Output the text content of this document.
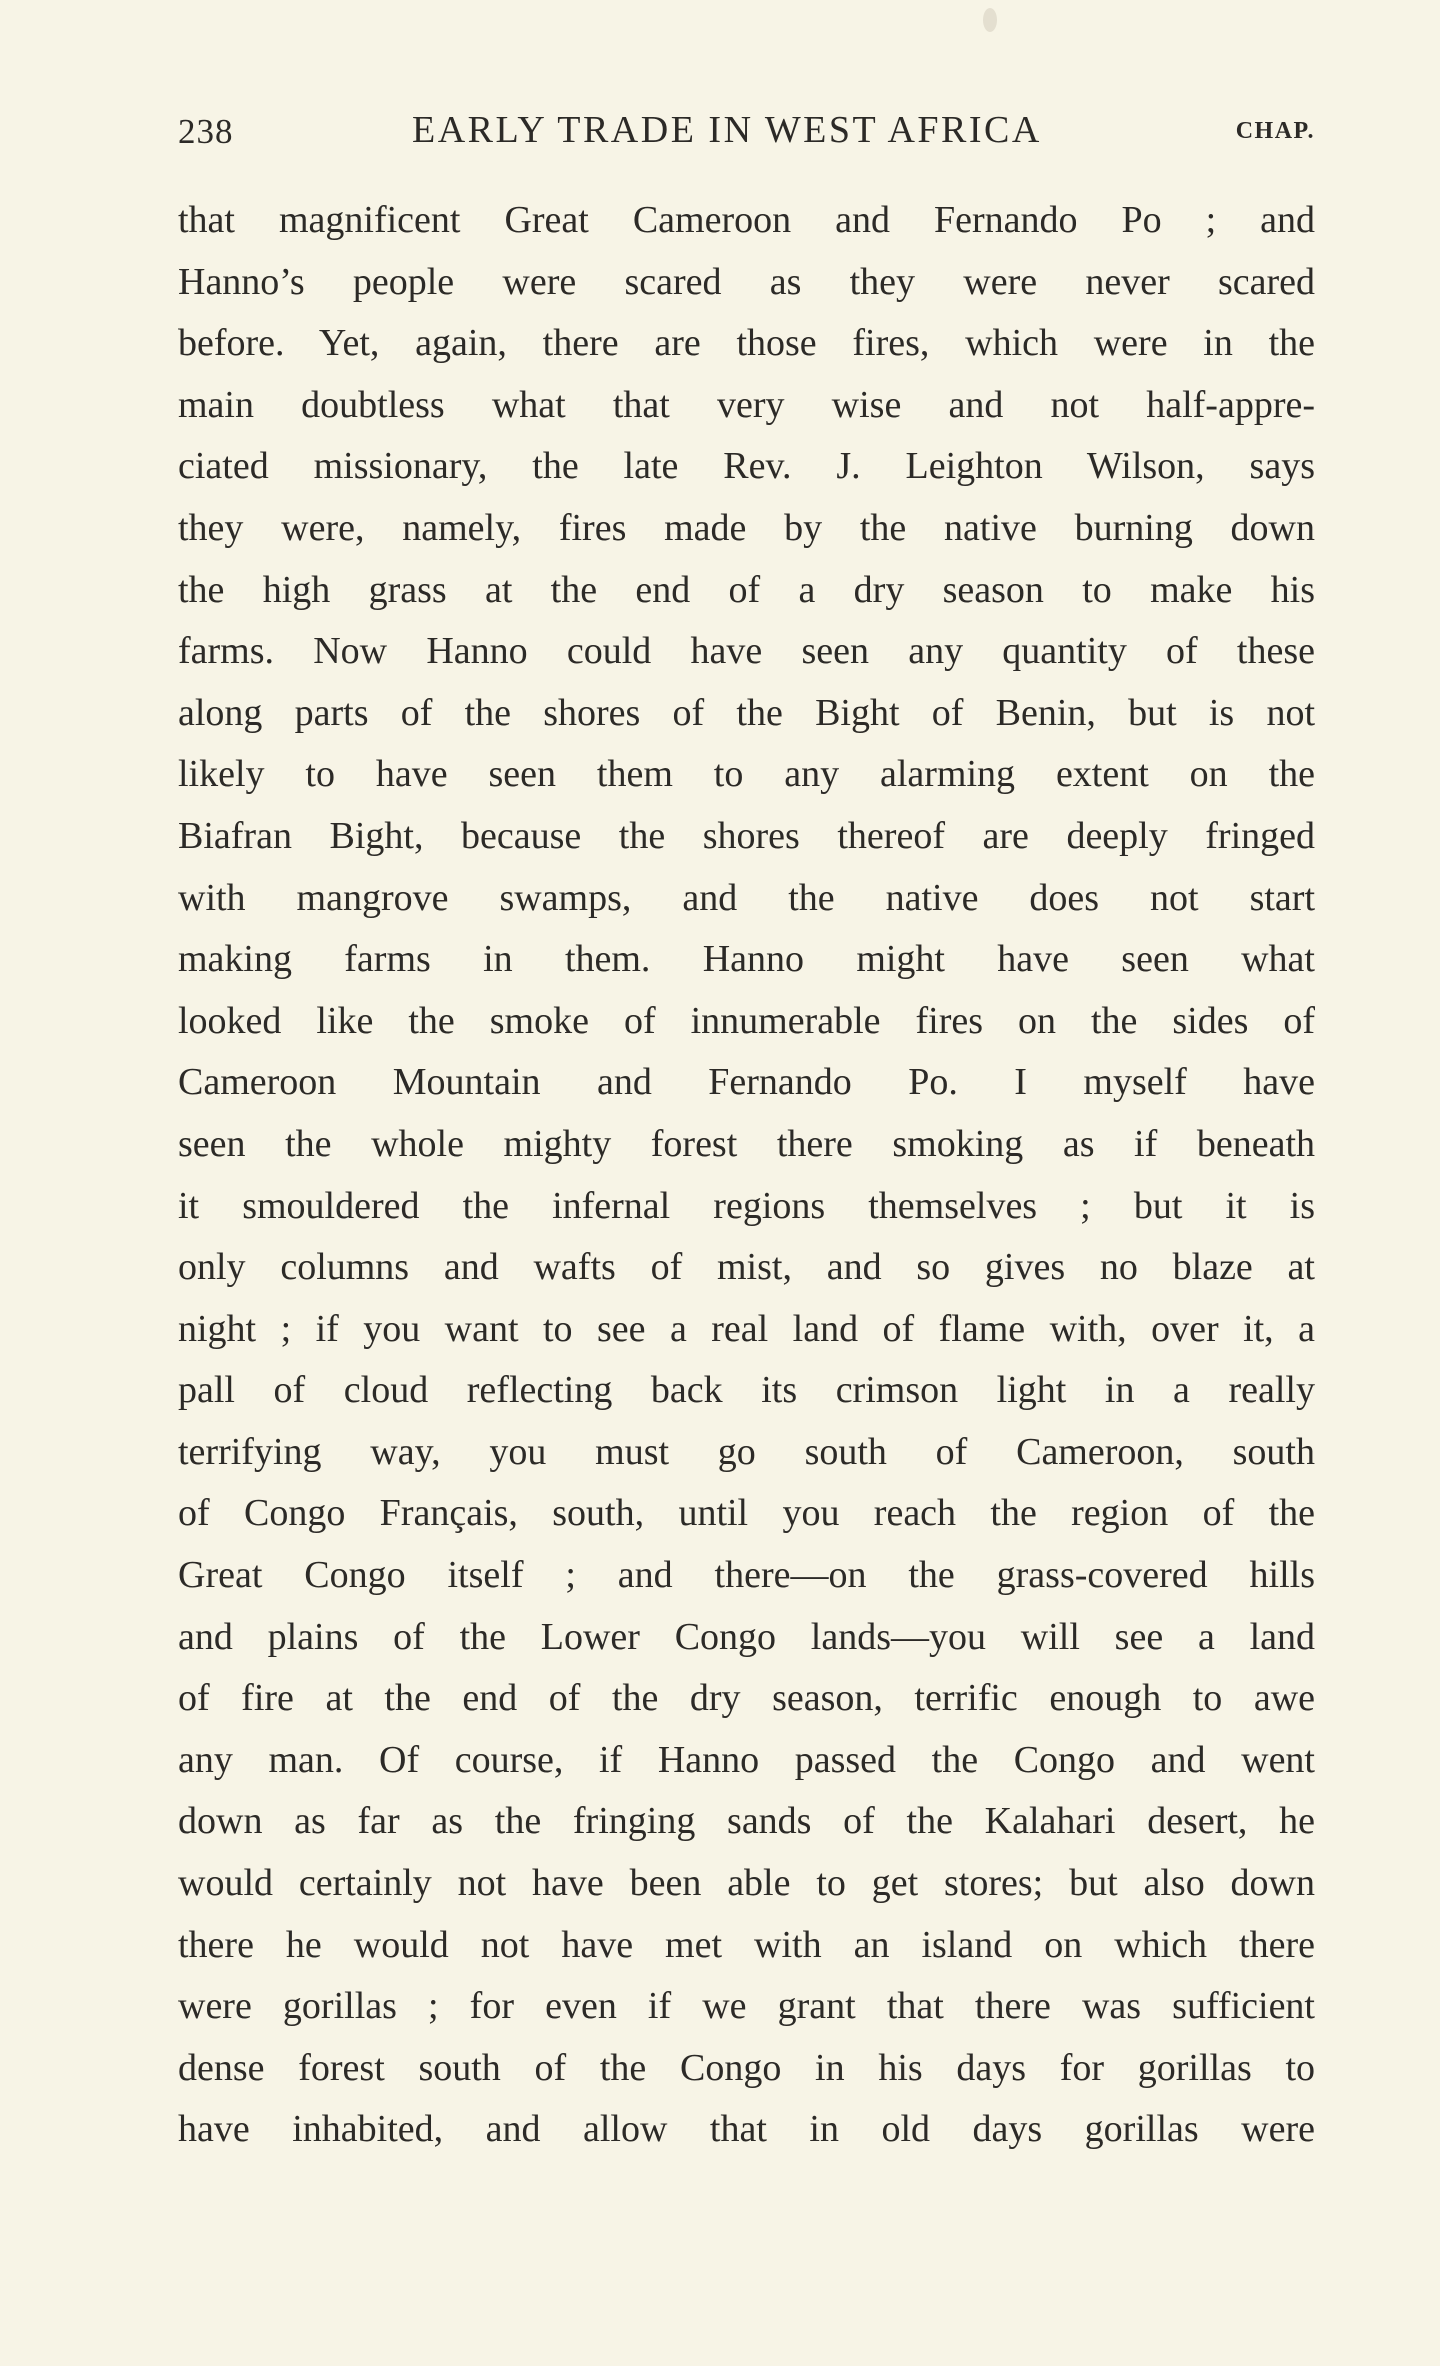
238	EARLY TRADE IN WEST AFRICA	CHAP.
that magnificent Great Cameroon and Fernando Po ; and
Hanno’s people were scared as they were never scared
before. Yet, again, there are those fires, which were in the
main doubtless what that very wise and not half-appre-
ciated missionary, the late Rev. J. Leighton Wilson, says
they were, namely, fires made by the native burning down
the high grass at the end of a dry season to make his
farms. Now Hanno could have seen any quantity of these
along parts of the shores of the Bight of Benin, but is not
likely to have seen them to any alarming extent on the
Biafran Bight, because the shores thereof are deeply fringed
with mangrove swamps, and the native does not start
making farms in them. Hanno might have seen what
looked like the smoke of innumerable fires on the sides of
Cameroon Mountain and Fernando Po. I myself have
seen the whole mighty forest there smoking as if beneath
it smouldered the infernal regions themselves ; but it is
only columns and wafts of mist, and so gives no blaze at
night ; if you want to see a real land of flame with, over it, a
pall of cloud reflecting back its crimson light in a really
terrifying way, you must go south of Cameroon, south
of Congo Français, south, until you reach the region of the
Great Congo itself ; and there—on the grass-covered hills
and plains of the Lower Congo lands—you will see a land
of fire at the end of the dry season, terrific enough to awe
any man. Of course, if Hanno passed the Congo and went
down as far as the fringing sands of the Kalahari desert, he
would certainly not have been able to get stores; but also down
there he would not have met with an island on which there
were gorillas ; for even if we grant that there was sufficient
dense forest south of the Congo in his days for gorillas to
have inhabited, and allow that in old days gorillas were
